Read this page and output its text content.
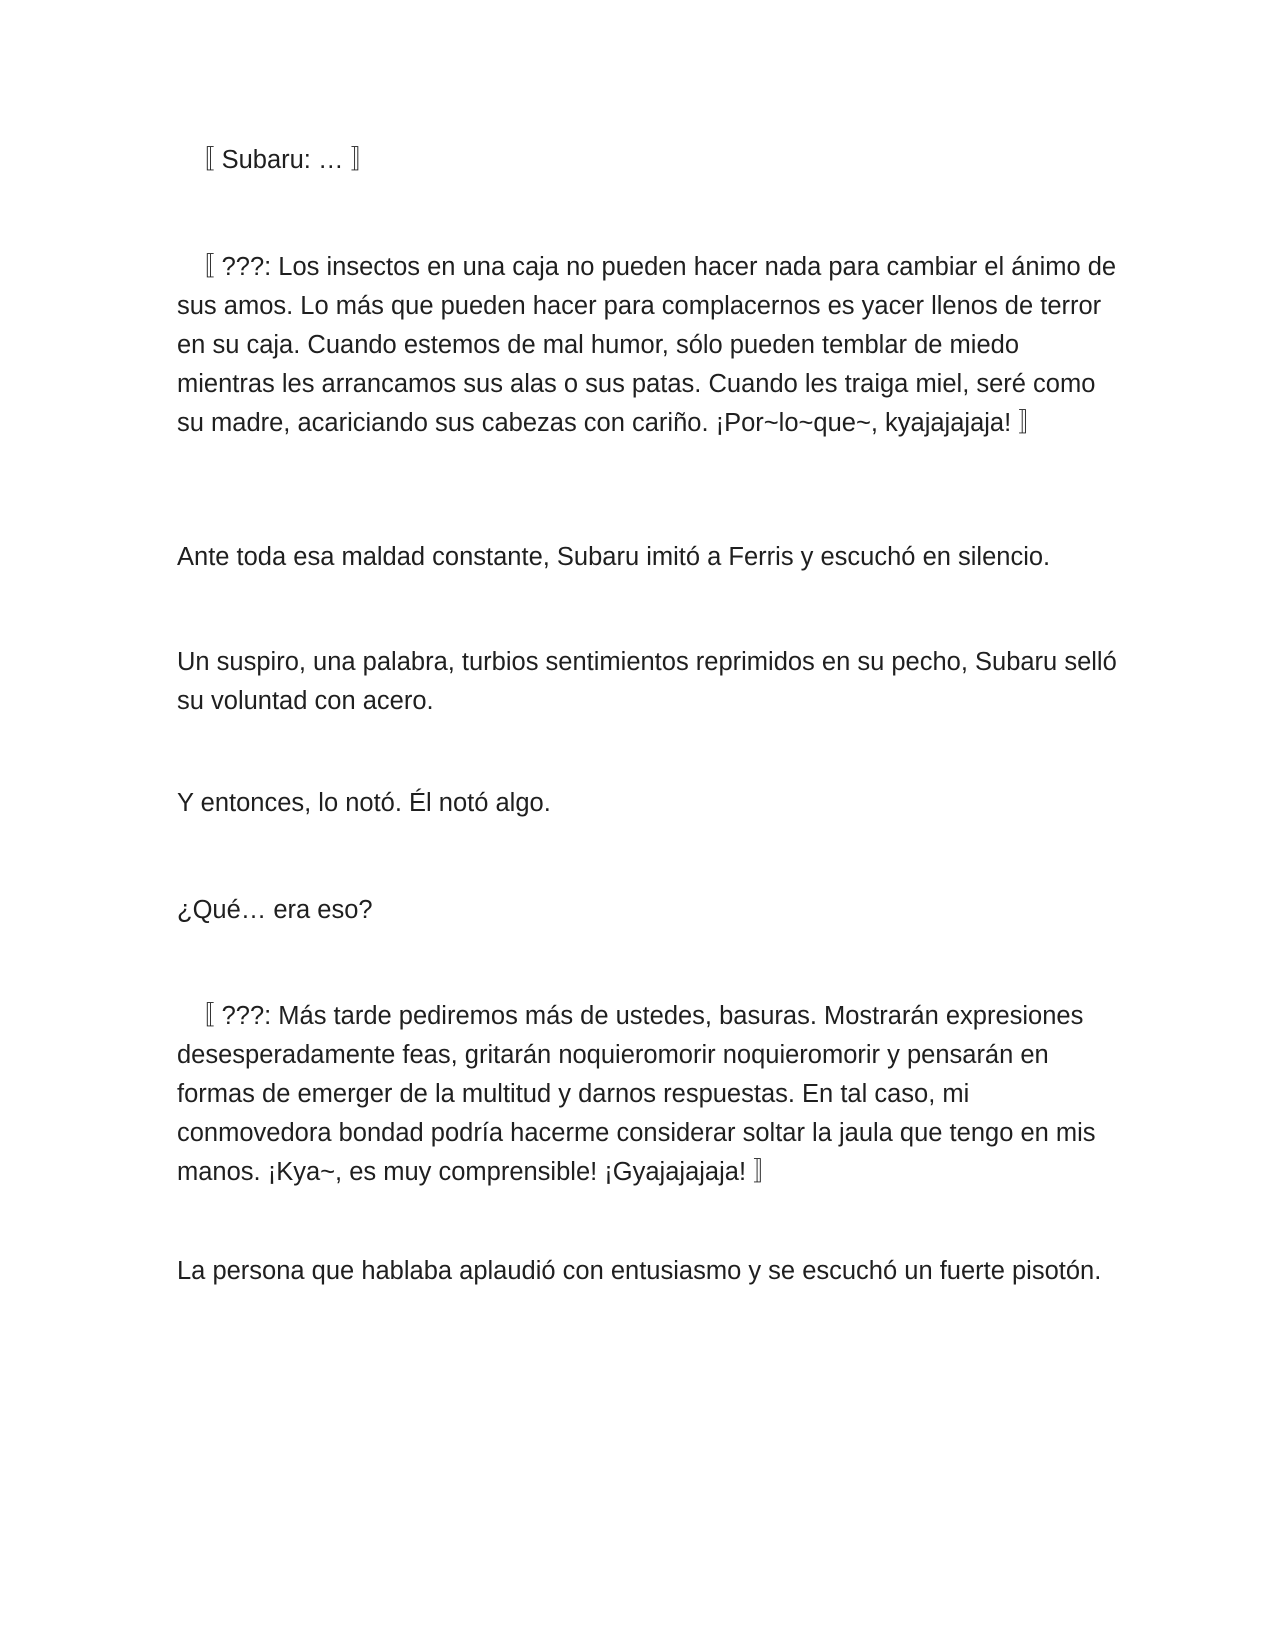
〚 Subaru: … 〛

〚 ???: Los insectos en una caja no pueden hacer nada para cambiar el ánimo de sus amos. Lo más que pueden hacer para complacernos es yacer llenos de terror en su caja. Cuando estemos de mal humor, sólo pueden temblar de miedo mientras les arrancamos sus alas o sus patas. Cuando les traiga miel, seré como su madre, acariciando sus cabezas con cariño. ¡Por~lo~que~, kyajajajaja! 〛

Ante toda esa maldad constante, Subaru imitó a Ferris y escuchó en silencio.

Un suspiro, una palabra, turbios sentimientos reprimidos en su pecho, Subaru selló su voluntad con acero.

Y entonces, lo notó. Él notó algo.

¿Qué… era eso?

〚 ???: Más tarde pediremos más de ustedes, basuras. Mostrarán expresiones desesperadamente feas, gritarán noquieromorir noquieromorir y pensarán en formas de emerger de la multitud y darnos respuestas. En tal caso, mi conmovedora bondad podría hacerme considerar soltar la jaula que tengo en mis manos. ¡Kya~, es muy comprensible! ¡Gyajajajaja! 〛

La persona que hablaba aplaudió con entusiasmo y se escuchó un fuerte pisotón.
